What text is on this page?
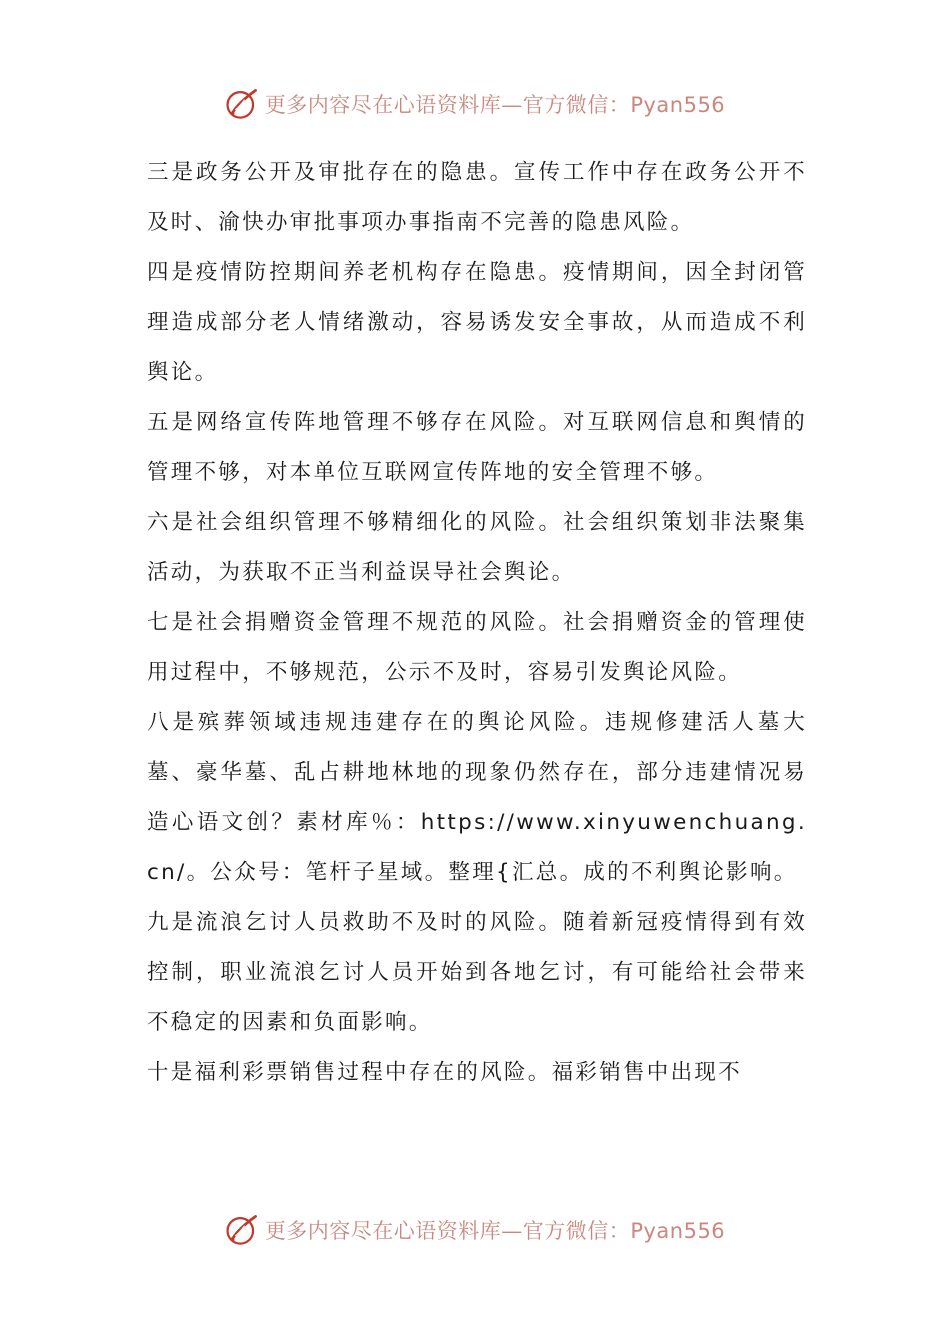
更多内容尽在心语资料库—官方微信：Pyan556

三是政务公开及审批存在的隐患。宣传工作中存在政务公开不及时、渝快办审批事项办事指南不完善的隐患风险。

四是疫情防控期间养老机构存在隐患。疫情期间，因全封闭管理造成部分老人情绪激动，容易诱发安全事故，从而造成不利舆论。

五是网络宣传阵地管理不够存在风险。对互联网信息和舆情的管理不够，对本单位互联网宣传阵地的安全管理不够。

六是社会组织管理不够精细化的风险。社会组织策划非法聚集活动，为获取不正当利益误导社会舆论。

七是社会捐赠资金管理不规范的风险。社会捐赠资金的管理使用过程中，不够规范，公示不及时，容易引发舆论风险。

八是殡葬领域违规违建存在的舆论风险。违规修建活人墓大墓、豪华墓、乱占耕地林地的现象仍然存在，部分违建情况易造心语文创？素材库％：https://www.xinyuwenchuang.cn/。公众号：笔杆子星域。整理{汇总。成的不利舆论影响。

九是流浪乞讨人员救助不及时的风险。随着新冠疫情得到有效控制，职业流浪乞讨人员开始到各地乞讨，有可能给社会带来不稳定的因素和负面影响。

十是福利彩票销售过程中存在的风险。福彩销售中出现不

更多内容尽在心语资料库—官方微信：Pyan556
